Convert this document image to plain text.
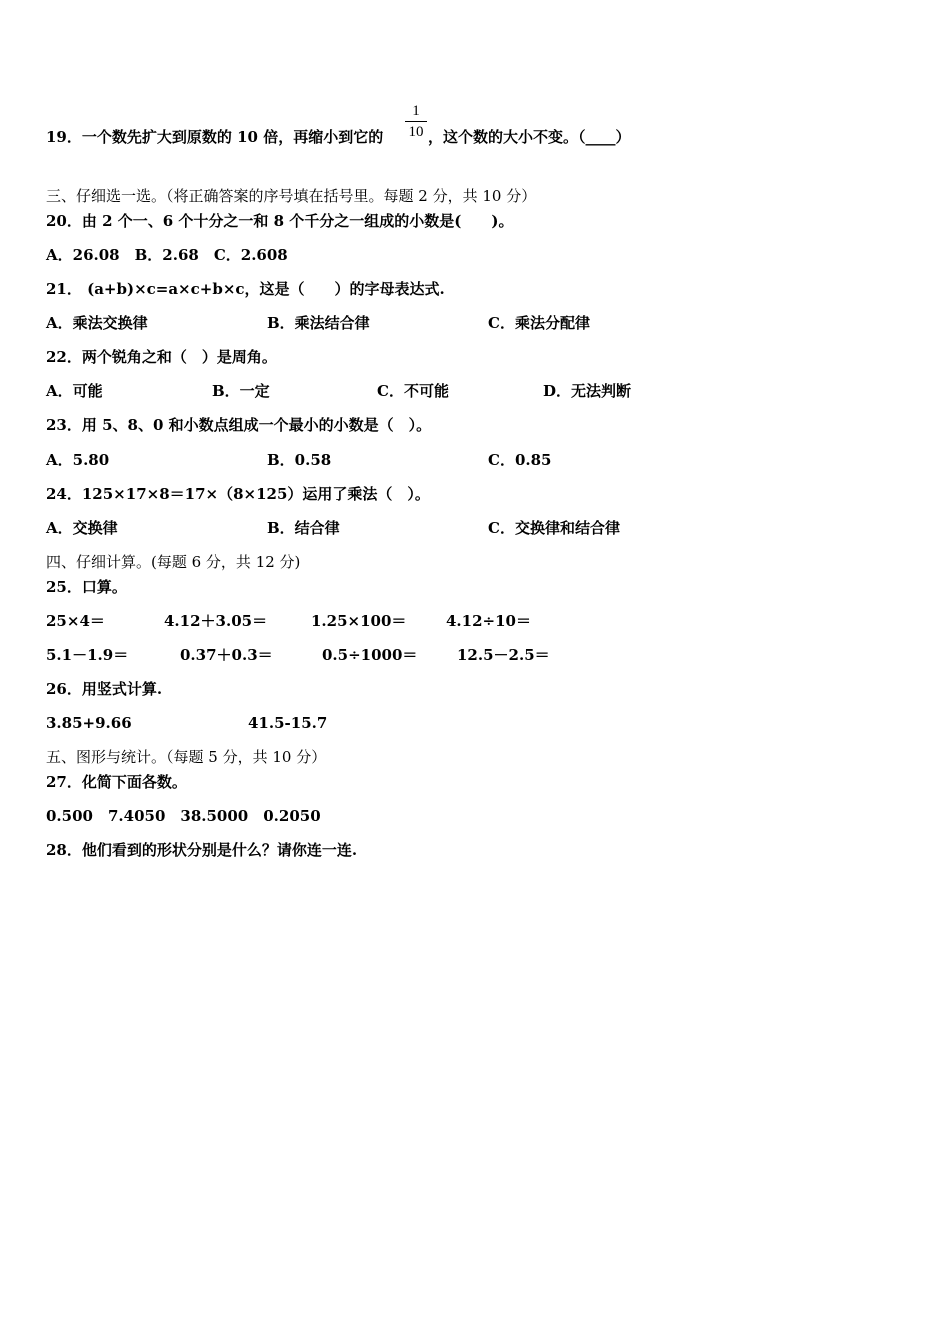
19．一个数先扩大到原数的 10 倍，再缩小到它的
1
10 ，这个数的大小不变。（____）
三、仔细选一选。（将正确答案的序号填在括号里。每题 2 分，共 10 分）
20．由 2 个一、6 个十分之一和 8 个千分之一组成的小数是(　　)。
A．26.08　B．2.68　C．2.608
21． (a+b)×c=a×c+b×c，这是（　　）的字母表达式.
A．乘法交换律	B．乘法结合律	C．乘法分配律
22．两个锐角之和（　）是周角。
A．可能	B．一定	C．不可能	D．无法判断
23．用 5、8、0 和小数点组成一个最小的小数是（　）。
A．5.80	B．0.58	C．0.85
24．125×17×8＝17×（8×125）运用了乘法（　）。
A．交换律	B．结合律	C．交换律和结合律
四、仔细计算。(每题 6 分，共 12 分)
25．口算。
25×4＝	4.12＋3.05＝	1.25×100＝	4.12÷10＝
5.1－1.9＝	0.37＋0.3＝	0.5÷1000＝	12.5－2.5＝
26．用竖式计算.
3.85+9.66	41.5-15.7
五、图形与统计。（每题 5 分，共 10 分）
27．化简下面各数。
0.500　7.4050　38.5000　0.2050
28．他们看到的形状分别是什么？请你连一连.
